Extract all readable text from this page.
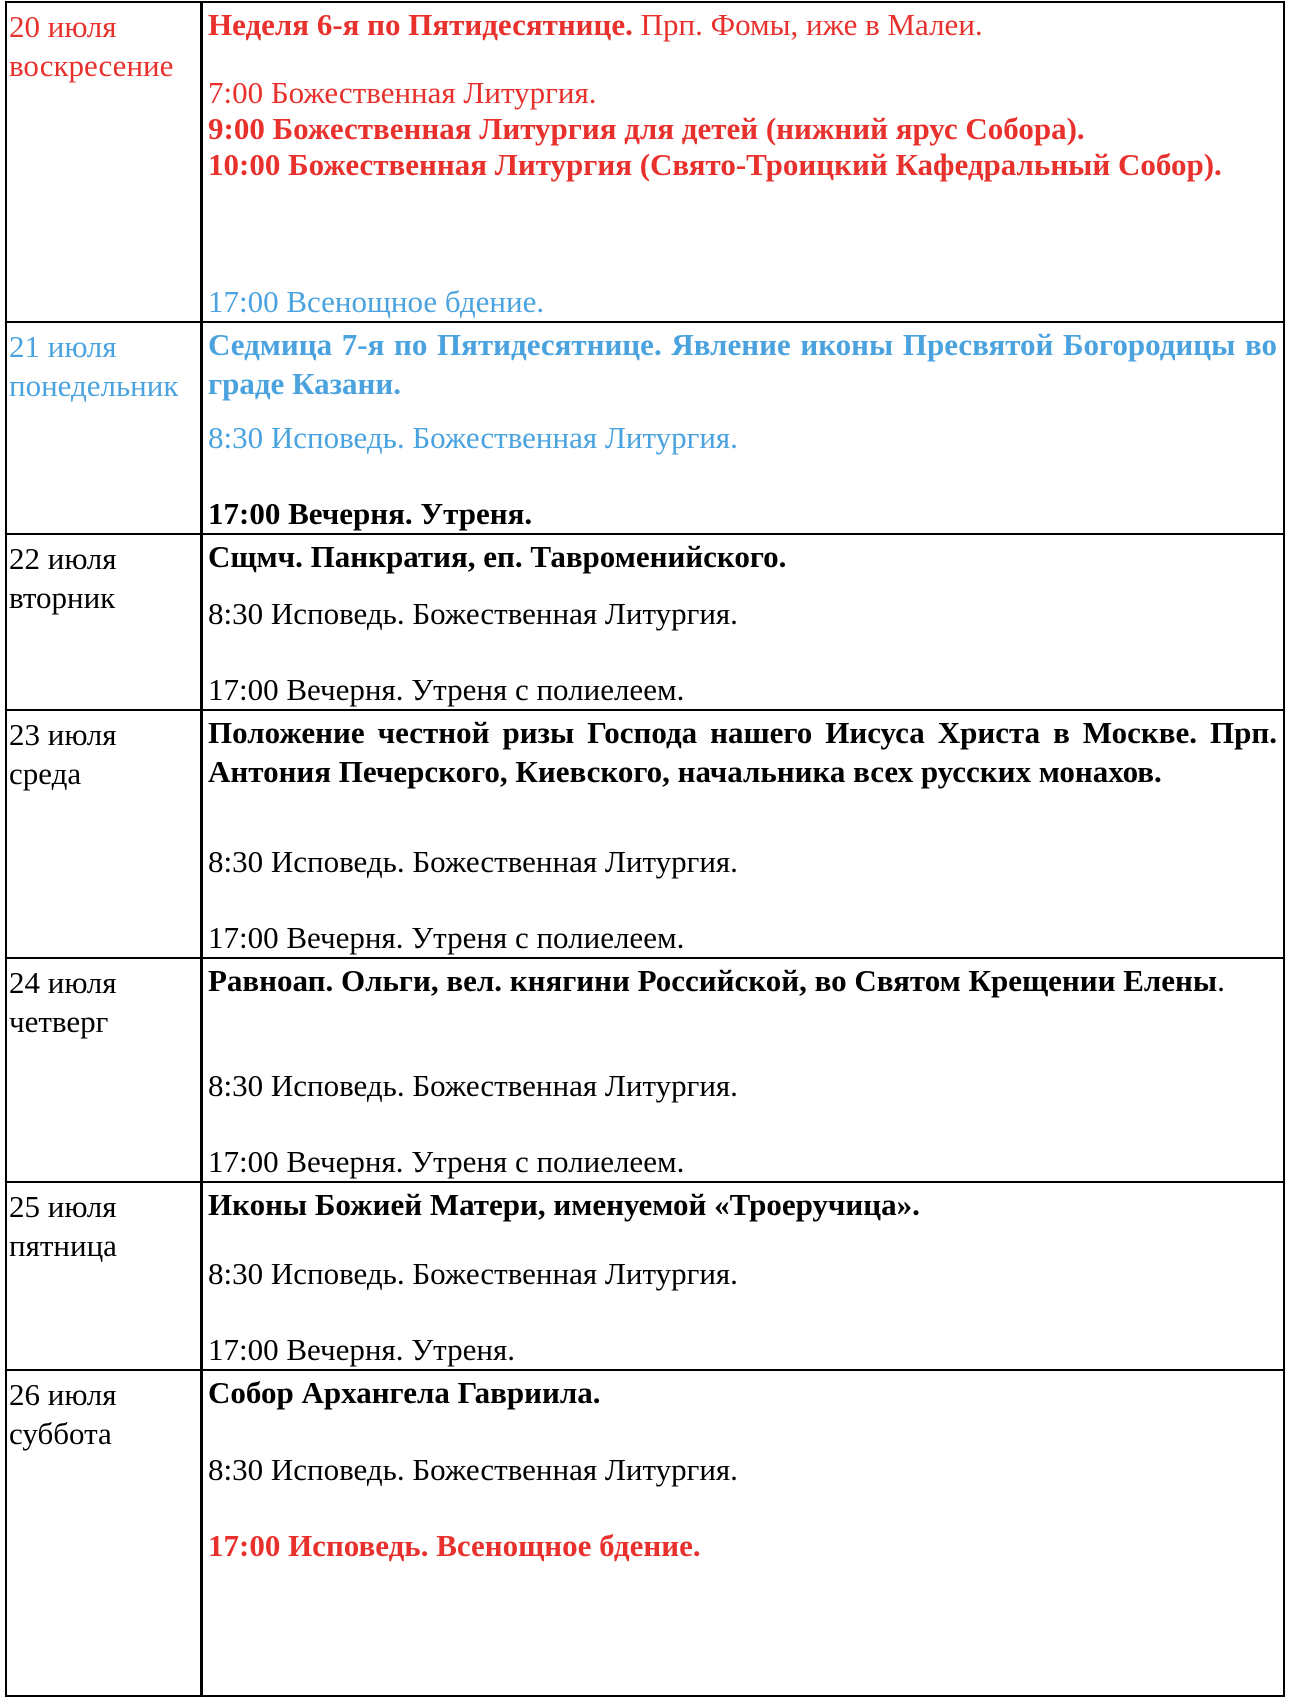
20 июля
воскресение
Неделя 6-я по Пятидесятнице. Прп. Фомы, иже в Малеи.
7:00 Божественная Литургия.
9:00 Божественная Литургия для детей (нижний ярус Собора).
10:00 Божественная Литургия (Свято-Троицкий Кафедральный Собор).
17:00 Всенощное бдение.
21 июля
понедельник
Седмица 7-я по Пятидесятнице. Явление иконы Пресвятой Богородицы во граде Казани.
8:30 Исповедь. Божественная Литургия.
17:00 Вечерня. Утреня.
22 июля
вторник
Сщмч. Панкратия, еп. Тавроменийского.
8:30 Исповедь. Божественная Литургия.
17:00 Вечерня. Утреня с полиелеем.
23 июля
среда
Положение честной ризы Господа нашего Иисуса Христа в Москве. Прп. Антония Печерского, Киевского, начальника всех русских монахов.
8:30 Исповедь. Божественная Литургия.
17:00 Вечерня. Утреня с полиелеем.
24 июля
четверг
Равноап. Ольги, вел. княгини Российской, во Святом Крещении Елены.
8:30 Исповедь. Божественная Литургия.
17:00 Вечерня. Утреня с полиелеем.
25 июля
пятница
Иконы Божией Матери, именуемой «Троеручица».
8:30 Исповедь. Божественная Литургия.
17:00 Вечерня. Утреня.
26 июля
суббота
Собор Архангела Гавриила.
8:30 Исповедь. Божественная Литургия.
17:00 Исповедь. Всенощное бдение.
